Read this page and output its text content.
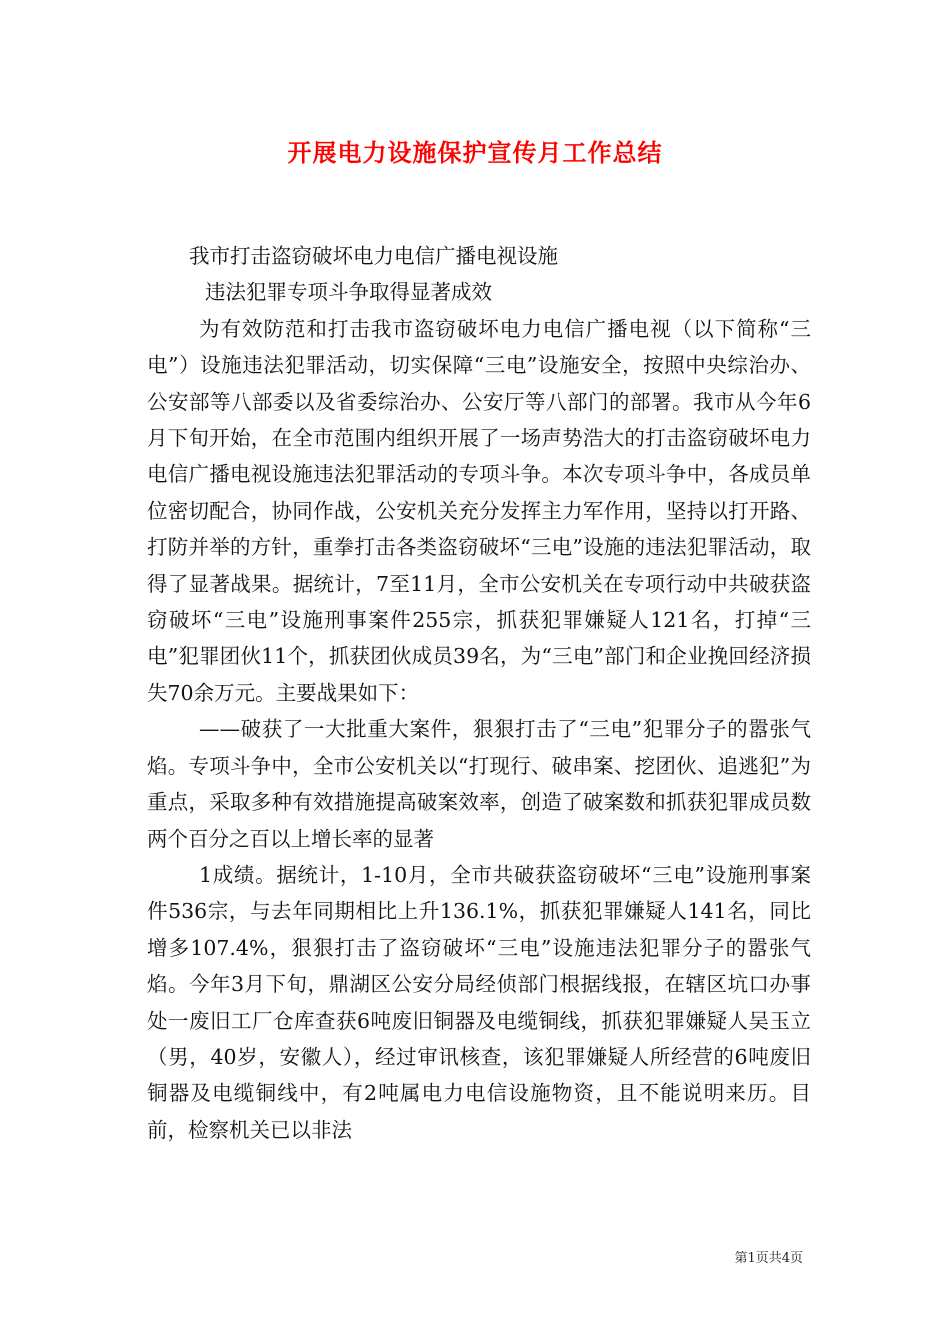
开展电力设施保护宣传月工作总结

我市打击盗窃破坏电力电信广播电视设施

违法犯罪专项斗争取得显著成效

为有效防范和打击我市盗窃破坏电力电信广播电视（以下简称“三电”）设施违法犯罪活动，切实保障“三电”设施安全，按照中央综治办、公安部等八部委以及省委综治办、公安厅等八部门的部署。我市从今年6月下旬开始，在全市范围内组织开展了一场声势浩大的打击盗窃破坏电力电信广播电视设施违法犯罪活动的专项斗争。本次专项斗争中，各成员单位密切配合，协同作战，公安机关充分发挥主力军作用，坚持以打开路、打防并举的方针，重拳打击各类盗窃破坏“三电”设施的违法犯罪活动，取得了显著战果。据统计，7至11月，全市公安机关在专项行动中共破获盗窃破坏“三电”设施刑事案件255宗，抓获犯罪嫌疑人121名，打掉“三电”犯罪团伙11个，抓获团伙成员39名，为“三电”部门和企业挽回经济损失70余万元。主要战果如下：

——破获了一大批重大案件，狠狠打击了“三电”犯罪分子的嚣张气焰。专项斗争中，全市公安机关以“打现行、破串案、挖团伙、追逃犯”为重点，采取多种有效措施提高破案效率，创造了破案数和抓获犯罪成员数两个百分之百以上增长率的显著

1成绩。据统计，1-10月，全市共破获盗窃破坏“三电”设施刑事案件536宗，与去年同期相比上升136.1%，抓获犯罪嫌疑人141名，同比增多107.4%，狠狠打击了盗窃破坏“三电”设施违法犯罪分子的嚣张气焰。今年3月下旬，鼎湖区公安分局经侦部门根据线报，在辖区坑口办事处一废旧工厂仓库查获6吨废旧铜器及电缆铜线，抓获犯罪嫌疑人吴玉立（男，40岁，安徽人），经过审讯核查，该犯罪嫌疑人所经营的6吨废旧铜器及电缆铜线中，有2吨属电力电信设施物资，且不能说明来历。目前，检察机关已以非法

第1页共4页
